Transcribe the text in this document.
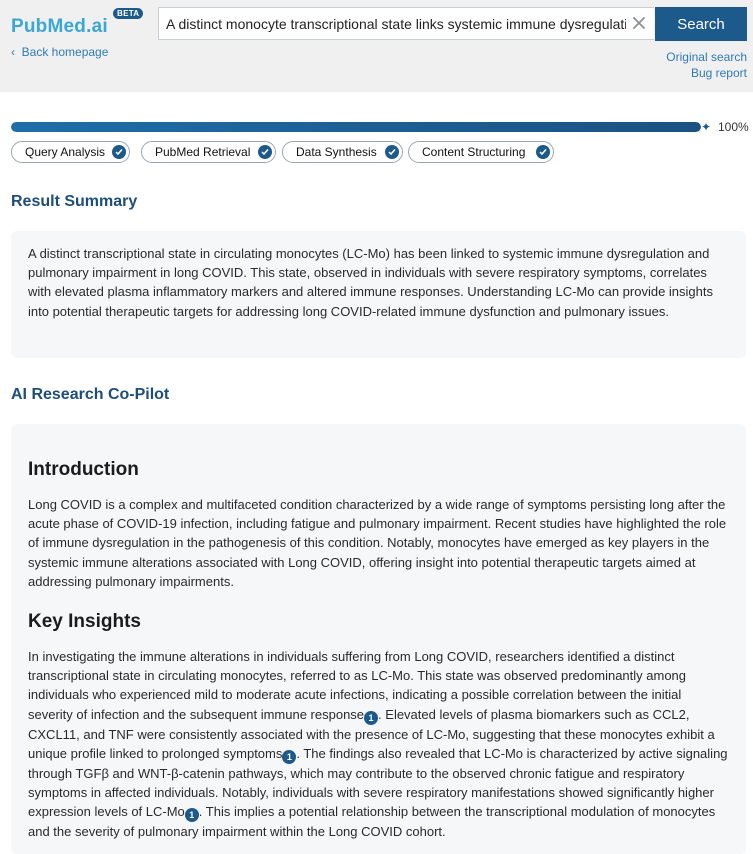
PubMed.ai
BETA
‹ Back homepage
A distinct monocyte transcriptional state links systemic immune dysregulation
Search
Original search
Bug report
✦ 100%
Query Analysis	PubMed Retrieval	Data Synthesis	Content Structuring
Result Summary
A distinct transcriptional state in circulating monocytes (LC-Mo) has been linked to systemic immune dysregulation and pulmonary impairment in long COVID. This state, observed in individuals with severe respiratory symptoms, correlates with elevated plasma inflammatory markers and altered immune responses. Understanding LC-Mo can provide insights into potential therapeutic targets for addressing long COVID-related immune dysfunction and pulmonary issues.
AI Research Co-Pilot
Introduction
Long COVID is a complex and multifaceted condition characterized by a wide range of symptoms persisting long after the acute phase of COVID-19 infection, including fatigue and pulmonary impairment. Recent studies have highlighted the role of immune dysregulation in the pathogenesis of this condition. Notably, monocytes have emerged as key players in the systemic immune alterations associated with Long COVID, offering insight into potential therapeutic targets aimed at addressing pulmonary impairments.
Key Insights
In investigating the immune alterations in individuals suffering from Long COVID, researchers identified a distinct transcriptional state in circulating monocytes, referred to as LC-Mo. This state was observed predominantly among individuals who experienced mild to moderate acute infections, indicating a possible correlation between the initial severity of infection and the subsequent immune response 1 . Elevated levels of plasma biomarkers such as CCL2, CXCL11, and TNF were consistently associated with the presence of LC-Mo, suggesting that these monocytes exhibit a unique profile linked to prolonged symptoms 1 . The findings also revealed that LC-Mo is characterized by active signaling through TGFβ and WNT-β-catenin pathways, which may contribute to the observed chronic fatigue and respiratory symptoms in affected individuals. Notably, individuals with severe respiratory manifestations showed significantly higher expression levels of LC-Mo 1 . This implies a potential relationship between the transcriptional modulation of monocytes and the severity of pulmonary impairment within the Long COVID cohort.
